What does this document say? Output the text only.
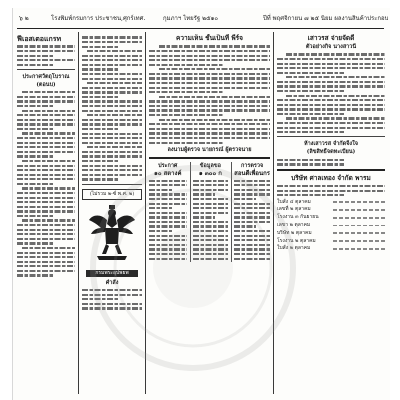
๖ ๒	โรงพิมพ์กรมการ ประชาชน,ศุกร์เทศ.	กุมภาฯ ไทยรัฐ ๒๕๑๐	ปีที่ พฤศจิกายน ๗ ๒๕ นิยม ผลงานสินค้าประกอบ
ฟีเอสเตอแกรท
ประกาศวัตถุโบราณ
(ตอนบ)
(ไม่รวม ๒-ซ์ พ.ศ. ๒)
กรมพระอุปพยพ
คำสั่ง
ความเห็น ชั้นเป็นที่ พีร์จ
ลงนามผู้ตรวจ นายกรณ์ ผู้ตรวจนาย
ประกาศ
๑๐ สตางค์
ข้อมูลขอ
๑ ๓๐๐ ก
การตรวจ
สอนดีเพื่อนกร
เสาวรส จ่ายจัดดี
ตัวอย่างกิจ นางสาวนี
ห้างเสาวรส จำกัดจิ้งใจ
(ลิขสิทธิ์จดทะเบียน)
บริษัท ศาลเทอง จำกัด พารม
ใบสั่ง ๔ ตุลาคม
เลขที่ ๒ ตุลาคม
โรงงาน ๓ กันยายน
เลขา ๒ ตุลาคม
บริษัท ๒ ตุลาคม
โรงงาน ๒ ตุลาคม
ใบสั่ง ๒ ตุลาคม
